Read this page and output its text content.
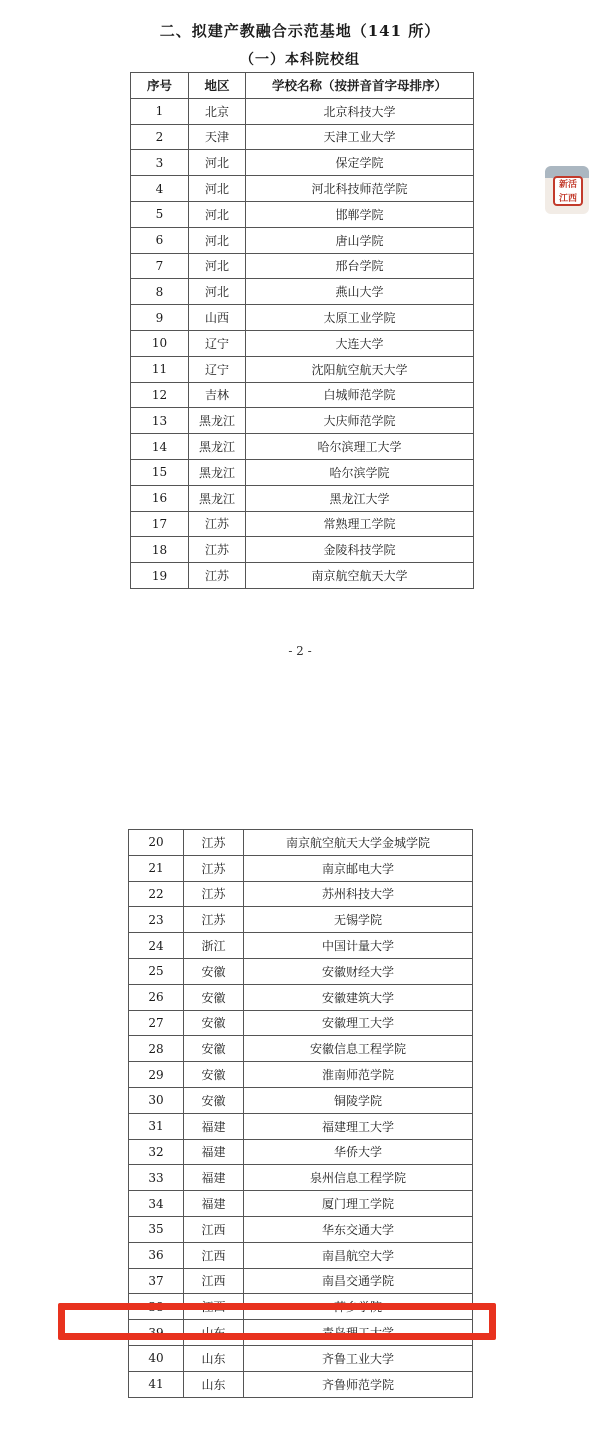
二、拟建产教融合示范基地（141 所）
（一）本科院校组
序号	地区	学校名称（按拼音首字母排序）
1	北京	北京科技大学
2	天津	天津工业大学
3	河北	保定学院
4	河北	河北科技师范学院
5	河北	邯郸学院
6	河北	唐山学院
7	河北	邢台学院
8	河北	燕山大学
9	山西	太原工业学院
10	辽宁	大连大学
11	辽宁	沈阳航空航天大学
12	吉林	白城师范学院
13	黑龙江	大庆师范学院
14	黑龙江	哈尔滨理工大学
15	黑龙江	哈尔滨学院
16	黑龙江	黑龙江大学
17	江苏	常熟理工学院
18	江苏	金陵科技学院
19	江苏	南京航空航天大学
- 2 -
新活
江西
20	江苏	南京航空航天大学金城学院
21	江苏	南京邮电大学
22	江苏	苏州科技大学
23	江苏	无锡学院
24	浙江	中国计量大学
25	安徽	安徽财经大学
26	安徽	安徽建筑大学
27	安徽	安徽理工大学
28	安徽	安徽信息工程学院
29	安徽	淮南师范学院
30	安徽	铜陵学院
31	福建	福建理工大学
32	福建	华侨大学
33	福建	泉州信息工程学院
34	福建	厦门理工学院
35	江西	华东交通大学
36	江西	南昌航空大学
37	江西	南昌交通学院
38	江西	萍乡学院
39	山东	青岛理工大学
40	山东	齐鲁工业大学
41	山东	齐鲁师范学院
